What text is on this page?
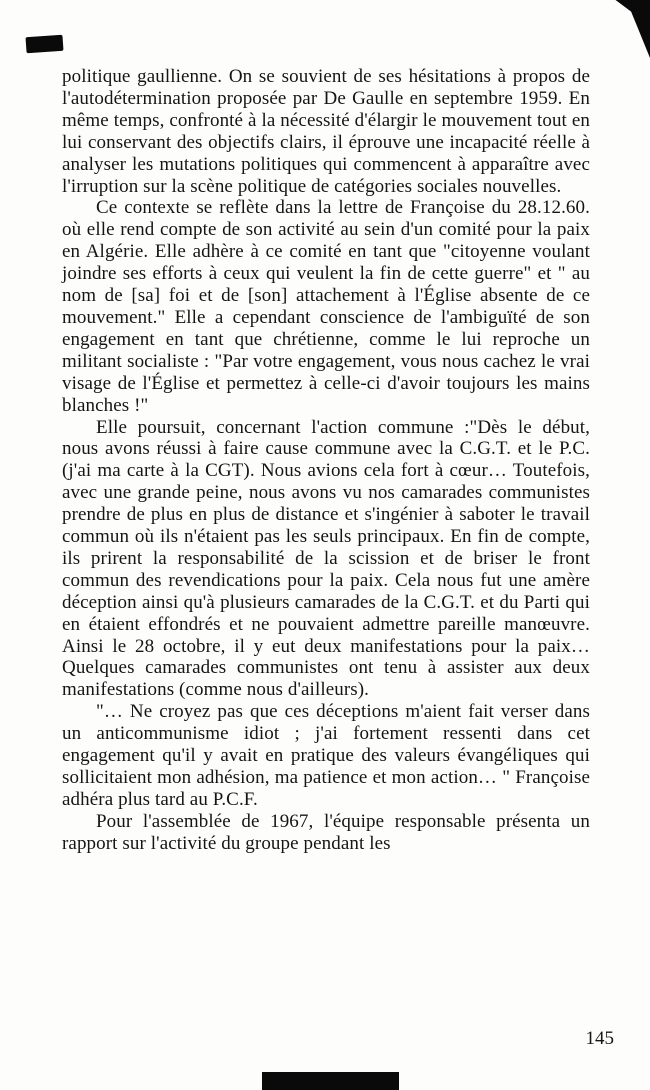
politique gaullienne. On se souvient de ses hésitations à propos de l'autodétermination proposée par De Gaulle en septembre 1959. En même temps, confronté à la nécessité d'élargir le mouvement tout en lui conservant des objectifs clairs, il éprouve une incapacité réelle à analyser les mutations politiques qui commencent à apparaître avec l'irruption sur la scène politique de catégories sociales nouvelles.

Ce contexte se reflète dans la lettre de Françoise du 28.12.60. où elle rend compte de son activité au sein d'un comité pour la paix en Algérie. Elle adhère à ce comité en tant que "citoyenne voulant joindre ses efforts à ceux qui veulent la fin de cette guerre" et " au nom de [sa] foi et de [son] attachement à l'Église absente de ce mouvement." Elle a cependant conscience de l'ambiguïté de son engagement en tant que chrétienne, comme le lui reproche un militant socialiste : "Par votre engagement, vous nous cachez le vrai visage de l'Église et permettez à celle-ci d'avoir toujours les mains blanches !"

Elle poursuit, concernant l'action commune :"Dès le début, nous avons réussi à faire cause commune avec la C.G.T. et le P.C. (j'ai ma carte à la CGT). Nous avions cela fort à cœur… Toutefois, avec une grande peine, nous avons vu nos camarades communistes prendre de plus en plus de distance et s'ingénier à saboter le travail commun où ils n'étaient pas les seuls principaux. En fin de compte, ils prirent la responsabilité de la scission et de briser le front commun des revendications pour la paix. Cela nous fut une amère déception ainsi qu'à plusieurs camarades de la C.G.T. et du Parti qui en étaient effondrés et ne pouvaient admettre pareille manœuvre. Ainsi le 28 octobre, il y eut deux manifestations pour la paix… Quelques camarades communistes ont tenu à assister aux deux manifestations (comme nous d'ailleurs).

"… Ne croyez pas que ces déceptions m'aient fait verser dans un anticommunisme idiot ; j'ai fortement ressenti dans cet engagement qu'il y avait en pratique des valeurs évangéliques qui sollicitaient mon adhésion, ma patience et mon action… " Françoise adhéra plus tard au P.C.F.

Pour l'assemblée de 1967, l'équipe responsable présenta un rapport sur l'activité du groupe pendant les

145
